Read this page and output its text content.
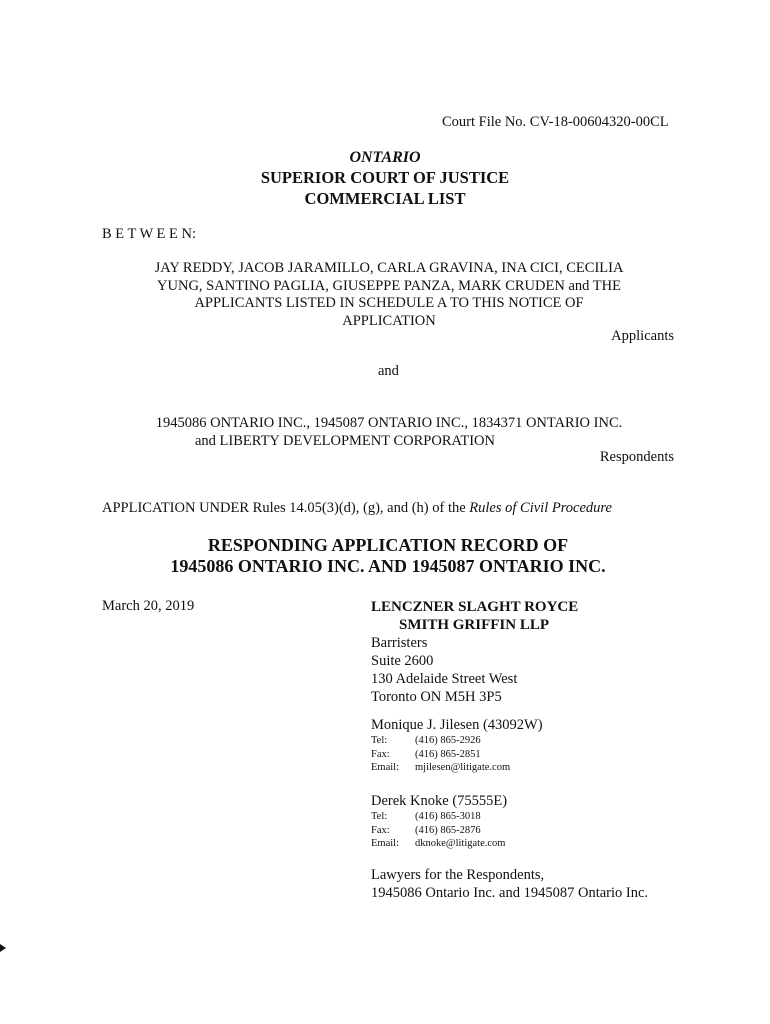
Court File No. CV-18-00604320-00CL
ONTARIO
SUPERIOR COURT OF JUSTICE
COMMERCIAL LIST
B E T W E E N:
JAY REDDY, JACOB JARAMILLO, CARLA GRAVINA, INA CICI, CECILIA
YUNG, SANTINO PAGLIA, GIUSEPPE PANZA, MARK CRUDEN and THE
APPLICANTS LISTED IN SCHEDULE A TO THIS NOTICE OF
APPLICATION
Applicants
and
1945086 ONTARIO INC., 1945087 ONTARIO INC., 1834371 ONTARIO INC.
and LIBERTY DEVELOPMENT CORPORATION
Respondents
APPLICATION UNDER Rules 14.05(3)(d), (g), and (h) of the Rules of Civil Procedure
RESPONDING APPLICATION RECORD OF
1945086 ONTARIO INC. AND 1945087 ONTARIO INC.
March 20, 2019	LENCZNER SLAGHT ROYCE
SMITH GRIFFIN LLP
Barristers
Suite 2600
130 Adelaide Street West
Toronto ON M5H 3P5
Monique J. Jilesen (43092W)
Tel:	(416) 865-2926
Fax: (416) 865-2851
Email: mjilesen@litigate.com
Derek Knoke (75555E)
Tel:	(416) 865-3018
Fax: (416) 865-2876
Email: dknoke@litigate.com
Lawyers for the Respondents,
1945086 Ontario Inc. and 1945087 Ontario Inc.
